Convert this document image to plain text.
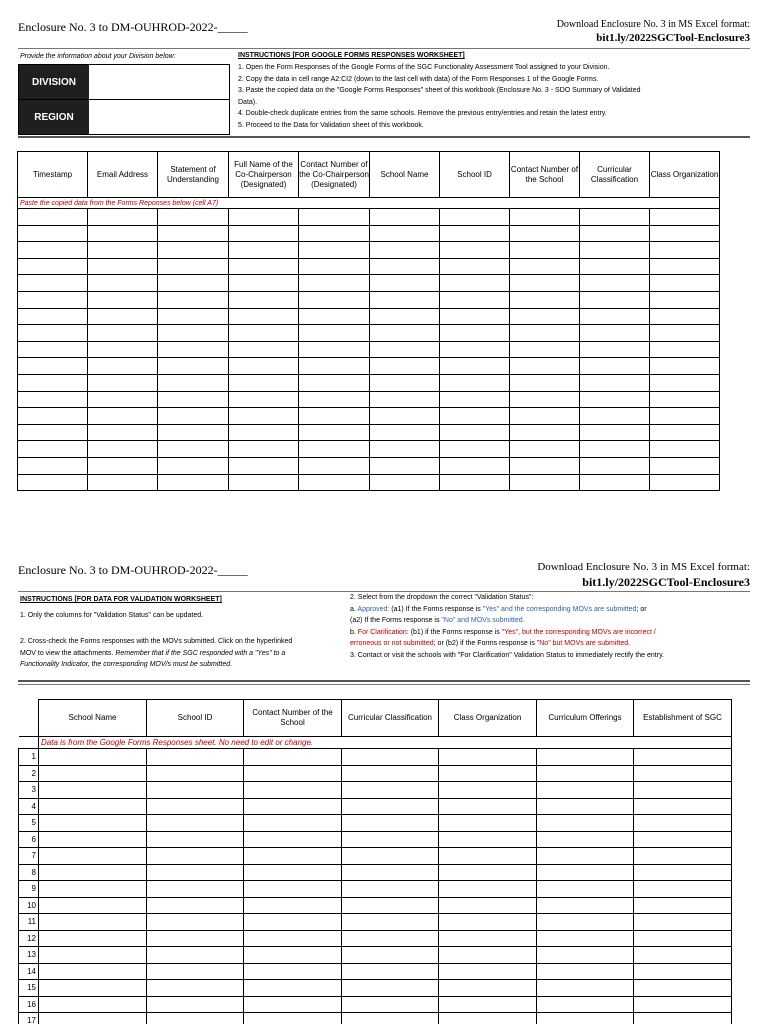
Enclosure No. 3 to DM-OUHROD-2022-_____	Download Enclosure No. 3 in MS Excel format:
bit1.ly/2022SGCTool-Enclosure3
Provide the information about your Division below:
DIVISION
REGION
INSTRUCTIONS [FOR GOOGLE FORMS RESPONSES WORKSHEET]
1. Open the Form Responses of the Google Forms of the SGC Functionality Assessment Tool assigned to your Division.
2. Copy the data in cell range A2:CI2 (down to the last cell with data) of the Form Responses 1 of the Google Forms.
3. Paste the copied data on the "Google Forms Responses" sheet of this workbook (Enclosure No. 3 - SDO Summary of Validated
Data).
4. Double-check duplicate entries from the same schools. Remove the previous entry/entries and retain the latest entry.
5. Proceed to the Data for Validation sheet of this workbook.
Timestamp	Email Address	Statement of Understanding	Full Name of the Co-Chairperson (Designated)	Contact Number of the Co-Chairperson (Designated)	School Name	School ID	Contact Number of the School	Curricular Classification	Class Organization
Paste the copied data from the Forms Reponses below (cell A7)									

Enclosure No. 3 to DM-OUHROD-2022-_____	Download Enclosure No. 3 in MS Excel format:
bit1.ly/2022SGCTool-Enclosure3
INSTRUCTIONS [FOR DATA FOR VALIDATION WORKSHEET]
1. Only the columns for "Validation Status" can be updated.
2. Cross-check the Forms responses with the MOVs submitted. Click on the hyperlinked
MOV to view the attachments. Remember that if the SGC responded with a "Yes" to a
Functionality Indicator, the corresponding MOV/s must be submitted.
2. Select from the dropdown the correct "Validation Status":
a. Approved: (a1) If the Forms response is "Yes" and the corresponding MOVs are submitted; or
(a2) If the Forms response is "No" and MOVs submitted.
b. For Clarification: (b1) if the Forms response is "Yes", but the corresponding MOVs are incorrect /
erroneous or not submitted; or (b2) if the Forms response is "No" but MOVs are submitted.
3. Contact or visit the schools with "For Clarification" Validation Status to immediately rectify the entry.
	School Name	School ID	Contact Number of the School	Curricular Classification	Class Organization	Curriculum Offerings	Establishment of SGC
	Data is from the Google Forms Responses sheet. No need to edit or change.						
1							
2							
3							
4							
5							
6							
7							
8							
9							
10							
11							
12							
13							
14							
15							
16							
17							
